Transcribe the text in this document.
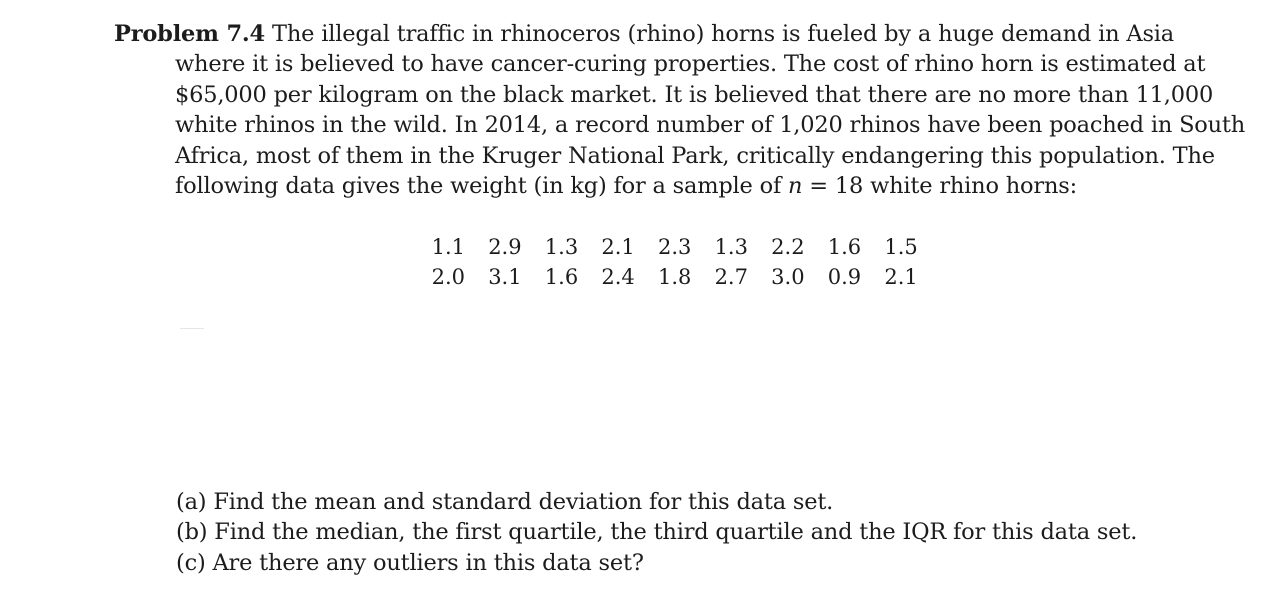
Problem 7.4 The illegal traffic in rhinoceros (rhino) horns is fueled by a huge demand in Asia
where it is believed to have cancer-curing properties. The cost of rhino horn is estimated at
$65,000 per kilogram on the black market. It is believed that there are no more than 11,000
white rhinos in the wild. In 2014, a record number of 1,020 rhinos have been poached in South
Africa, most of them in the Kruger National Park, critically endangering this population. The
following data gives the weight (in kg) for a sample of n = 18 white rhino horns:
1.1	2.9	1.3	2.1	2.3	1.3	2.2	1.6	1.5
2.0	3.1	1.6	2.4	1.8	2.7	3.0	0.9	2.1
(a) Find the mean and standard deviation for this data set.
(b) Find the median, the first quartile, the third quartile and the IQR for this data set.
(c) Are there any outliers in this data set?
